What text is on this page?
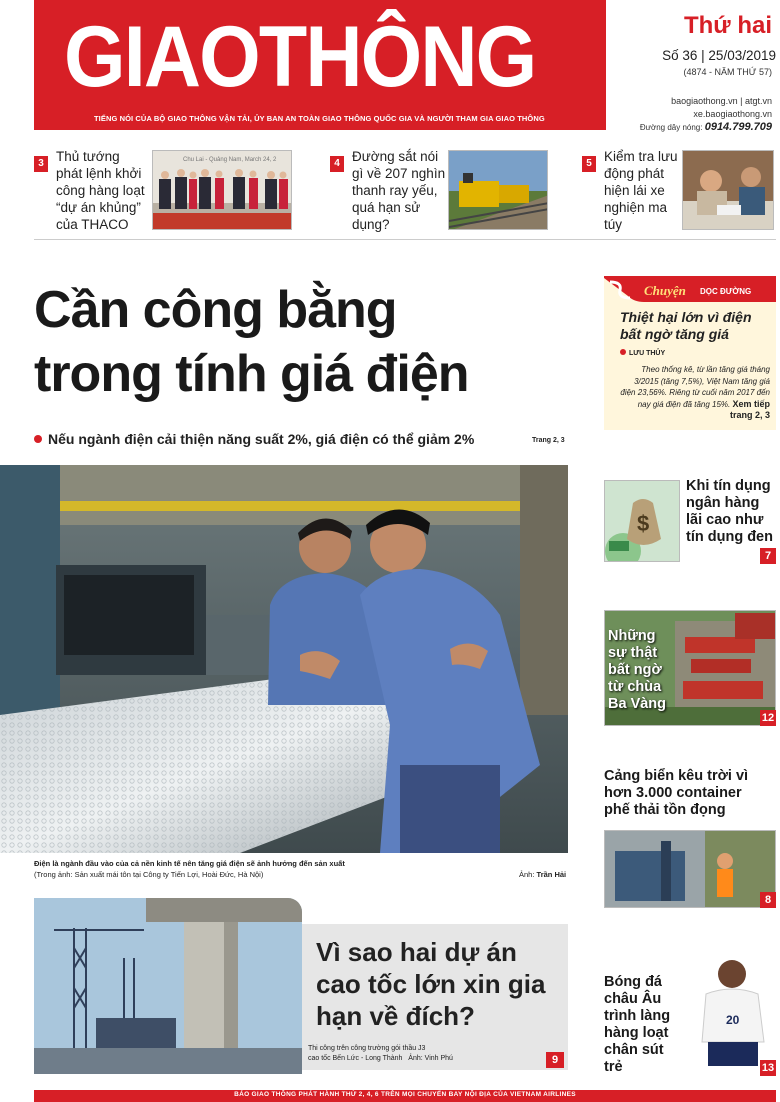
GIAOTHÔNG
TIẾNG NÓI CỦA BỘ GIAO THÔNG VẬN TẢI, ỦY BAN AN TOÀN GIAO THÔNG QUỐC GIA VÀ NGƯỜI THAM GIA GIAO THÔNG
Thứ hai
Số 36 | 25/03/2019
(4874 - NĂM THỨ 57)
baogiaothong.vn | atgt.vn
xe.baogiaothong.vn
Đường dây nóng: 0914.799.709
3 Thủ tướng phát lệnh khởi công hàng loạt “dự án khủng” của THACO
Chu Lai - Quảng Nam, March 24, 2	4 Đường sắt nói gì về 207 nghìn thanh ray yếu, quá hạn sử dụng?
5 Kiểm tra lưu động phát hiện lái xe nghiện ma túy
Cần công bằng
trong tính giá điện
Nếu ngành điện cải thiện năng suất 2%, giá điện có thể giảm 2%	Trang 2, 3
Điện là ngành đầu vào của cả nền kinh tế nên tăng giá điện sẽ ảnh hưởng đến sản xuất
(Trong ảnh: Sản xuất mái tôn tại Công ty Tiến Lợi, Hoài Đức, Hà Nội)	Ảnh: Trần Hải
Chuyện DỌC ĐƯỜNG
Thiệt hại lớn vì điện bất ngờ tăng giá
LƯU THỦY
Theo thống kê, từ lần tăng giá tháng 3/2015 (tăng 7,5%), Việt Nam tăng giá điện 23,56%. Riêng từ cuối năm 2017 đến nay giá điện đã tăng 15%. Xem tiếp trang 2, 3
$
Khi tín dụng ngân hàng lãi cao như tín dụng đen
7
Những sự thật bất ngờ từ chùa Ba Vàng
12
Cảng biển kêu trời vì hơn 3.000 container phế thải tồn đọng
8
Bóng đá châu Âu trình làng hàng loạt chân sút trẻ
20
13
Vì sao hai dự án cao tốc lớn xin gia hạn về đích?
Thi công trên công trường gói thầu J3
cao tốc Bến Lức - Long Thành Ảnh: Vinh Phú	9
BÁO GIAO THÔNG PHÁT HÀNH THỨ 2, 4, 6 TRÊN MỌI CHUYẾN BAY NỘI ĐỊA CỦA VIETNAM AIRLINES
